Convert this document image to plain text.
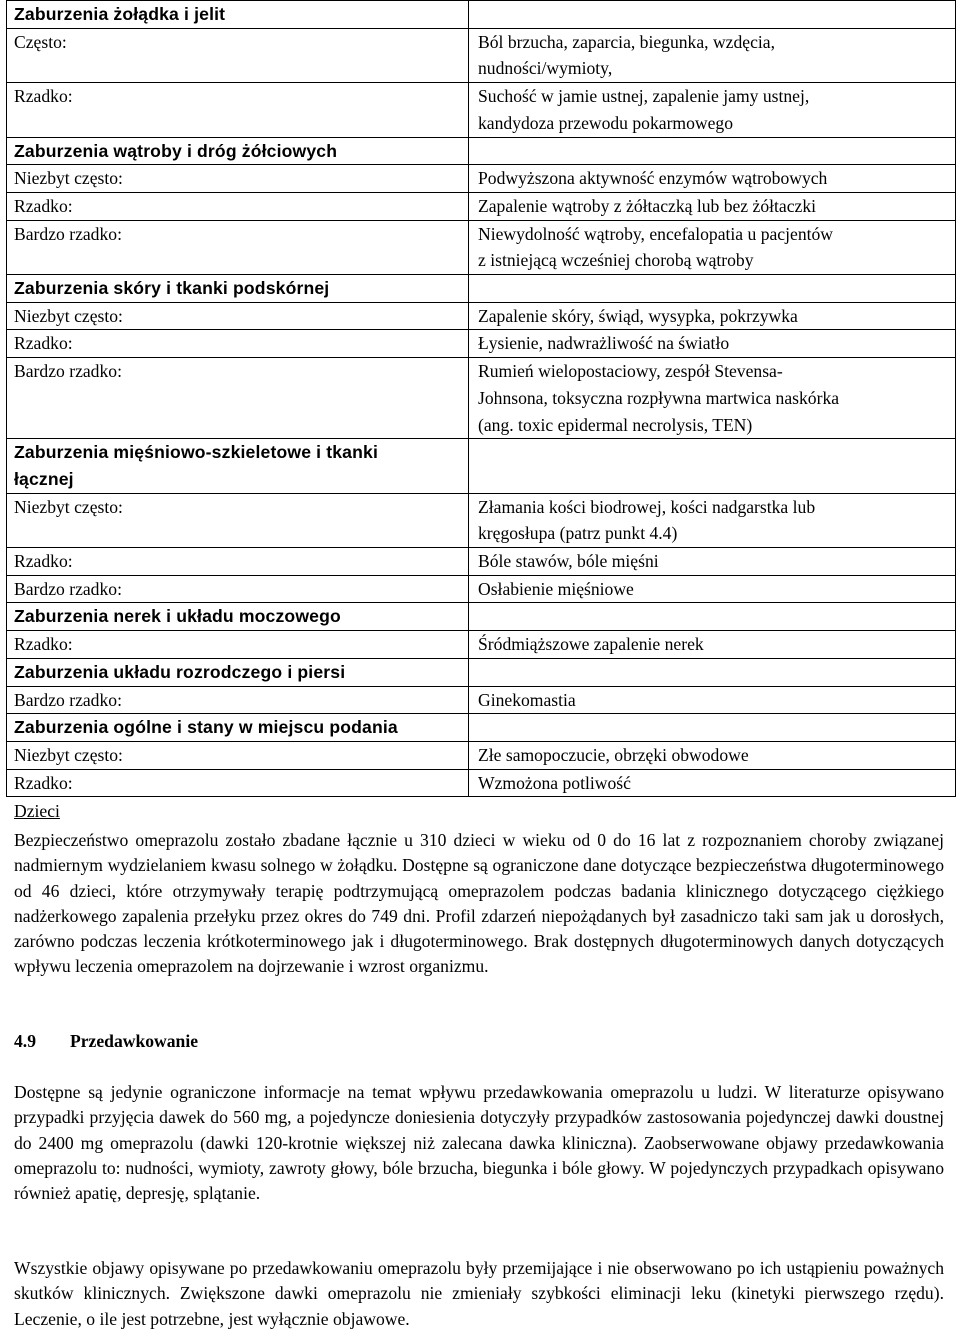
Zaburzenia żołądka i jelit	
Często:	Ból brzucha, zaparcia, biegunka, wzdęcia,
nudności/wymioty,

Rzadko:	Suchość w jamie ustnej, zapalenie jamy ustnej,
kandydoza przewodu pokarmowego

Zaburzenia wątroby i dróg żółciowych	
Niezbyt często:	Podwyższona aktywność enzymów wątrobowych

Rzadko:	Zapalenie wątroby z żółtaczką lub bez żółtaczki

Bardzo rzadko:	Niewydolność wątroby, encefalopatia u pacjentów
z istniejącą wcześniej chorobą wątroby

Zaburzenia skóry i tkanki podskórnej	
Niezbyt często:	Zapalenie skóry, świąd, wysypka, pokrzywka

Rzadko:	Łysienie, nadwrażliwość na światło

Bardzo rzadko:	Rumień wielopostaciowy, zespół Stevensa-
Johnsona, toksyczna rozpływna martwica naskórka
(ang. toxic epidermal necrolysis, TEN)

Zaburzenia mięśniowo-szkieletowe i tkanki
łącznej	

Niezbyt często:	Złamania kości biodrowej, kości nadgarstka lub
kręgosłupa (patrz punkt 4.4)

Rzadko:	Bóle stawów, bóle mięśni

Bardzo rzadko:	Osłabienie mięśniowe

Zaburzenia nerek i układu moczowego	
Rzadko:	Śródmiąższowe zapalenie nerek

Zaburzenia układu rozrodczego i piersi	
Bardzo rzadko:	Ginekomastia

Zaburzenia ogólne i stany w miejscu podania	
Niezbyt często:	Złe samopoczucie, obrzęki obwodowe

Rzadko:	Wzmożona potliwość
Dzieci
Bezpieczeństwo omeprazolu zostało zbadane łącznie u 310 dzieci w wieku od 0 do 16 lat z rozpoznaniem choroby związanej nadmiernym wydzielaniem kwasu solnego w żołądku. Dostępne są ograniczone dane dotyczące bezpieczeństwa długoterminowego od 46 dzieci, które otrzymywały terapię podtrzymującą omeprazolem podczas badania klinicznego dotyczącego ciężkiego nadżerkowego zapalenia przełyku przez okres do 749 dni. Profil zdarzeń niepożądanych był zasadniczo taki sam jak u dorosłych, zarówno podczas leczenia krótkoterminowego jak i długoterminowego. Brak dostępnych długoterminowych danych dotyczących wpływu leczenia omeprazolem na dojrzewanie i wzrost organizmu.
4.9 Przedawkowanie
Dostępne są jedynie ograniczone informacje na temat wpływu przedawkowania omeprazolu u ludzi. W literaturze opisywano przypadki przyjęcia dawek do 560 mg, a pojedyncze doniesienia dotyczyły przypadków zastosowania pojedynczej dawki doustnej do 2400 mg omeprazolu (dawki 120-krotnie większej niż zalecana dawka kliniczna). Zaobserwowane objawy przedawkowania omeprazolu to: nudności, wymioty, zawroty głowy, bóle brzucha, biegunka i bóle głowy. W pojedynczych przypadkach opisywano również apatię, depresję, splątanie.
Wszystkie objawy opisywane po przedawkowaniu omeprazolu były przemijające i nie obserwowano po ich ustąpieniu poważnych skutków klinicznych. Zwiększone dawki omeprazolu nie zmieniały szybkości eliminacji leku (kinetyki pierwszego rzędu). Leczenie, o ile jest potrzebne, jest wyłącznie objawowe.
